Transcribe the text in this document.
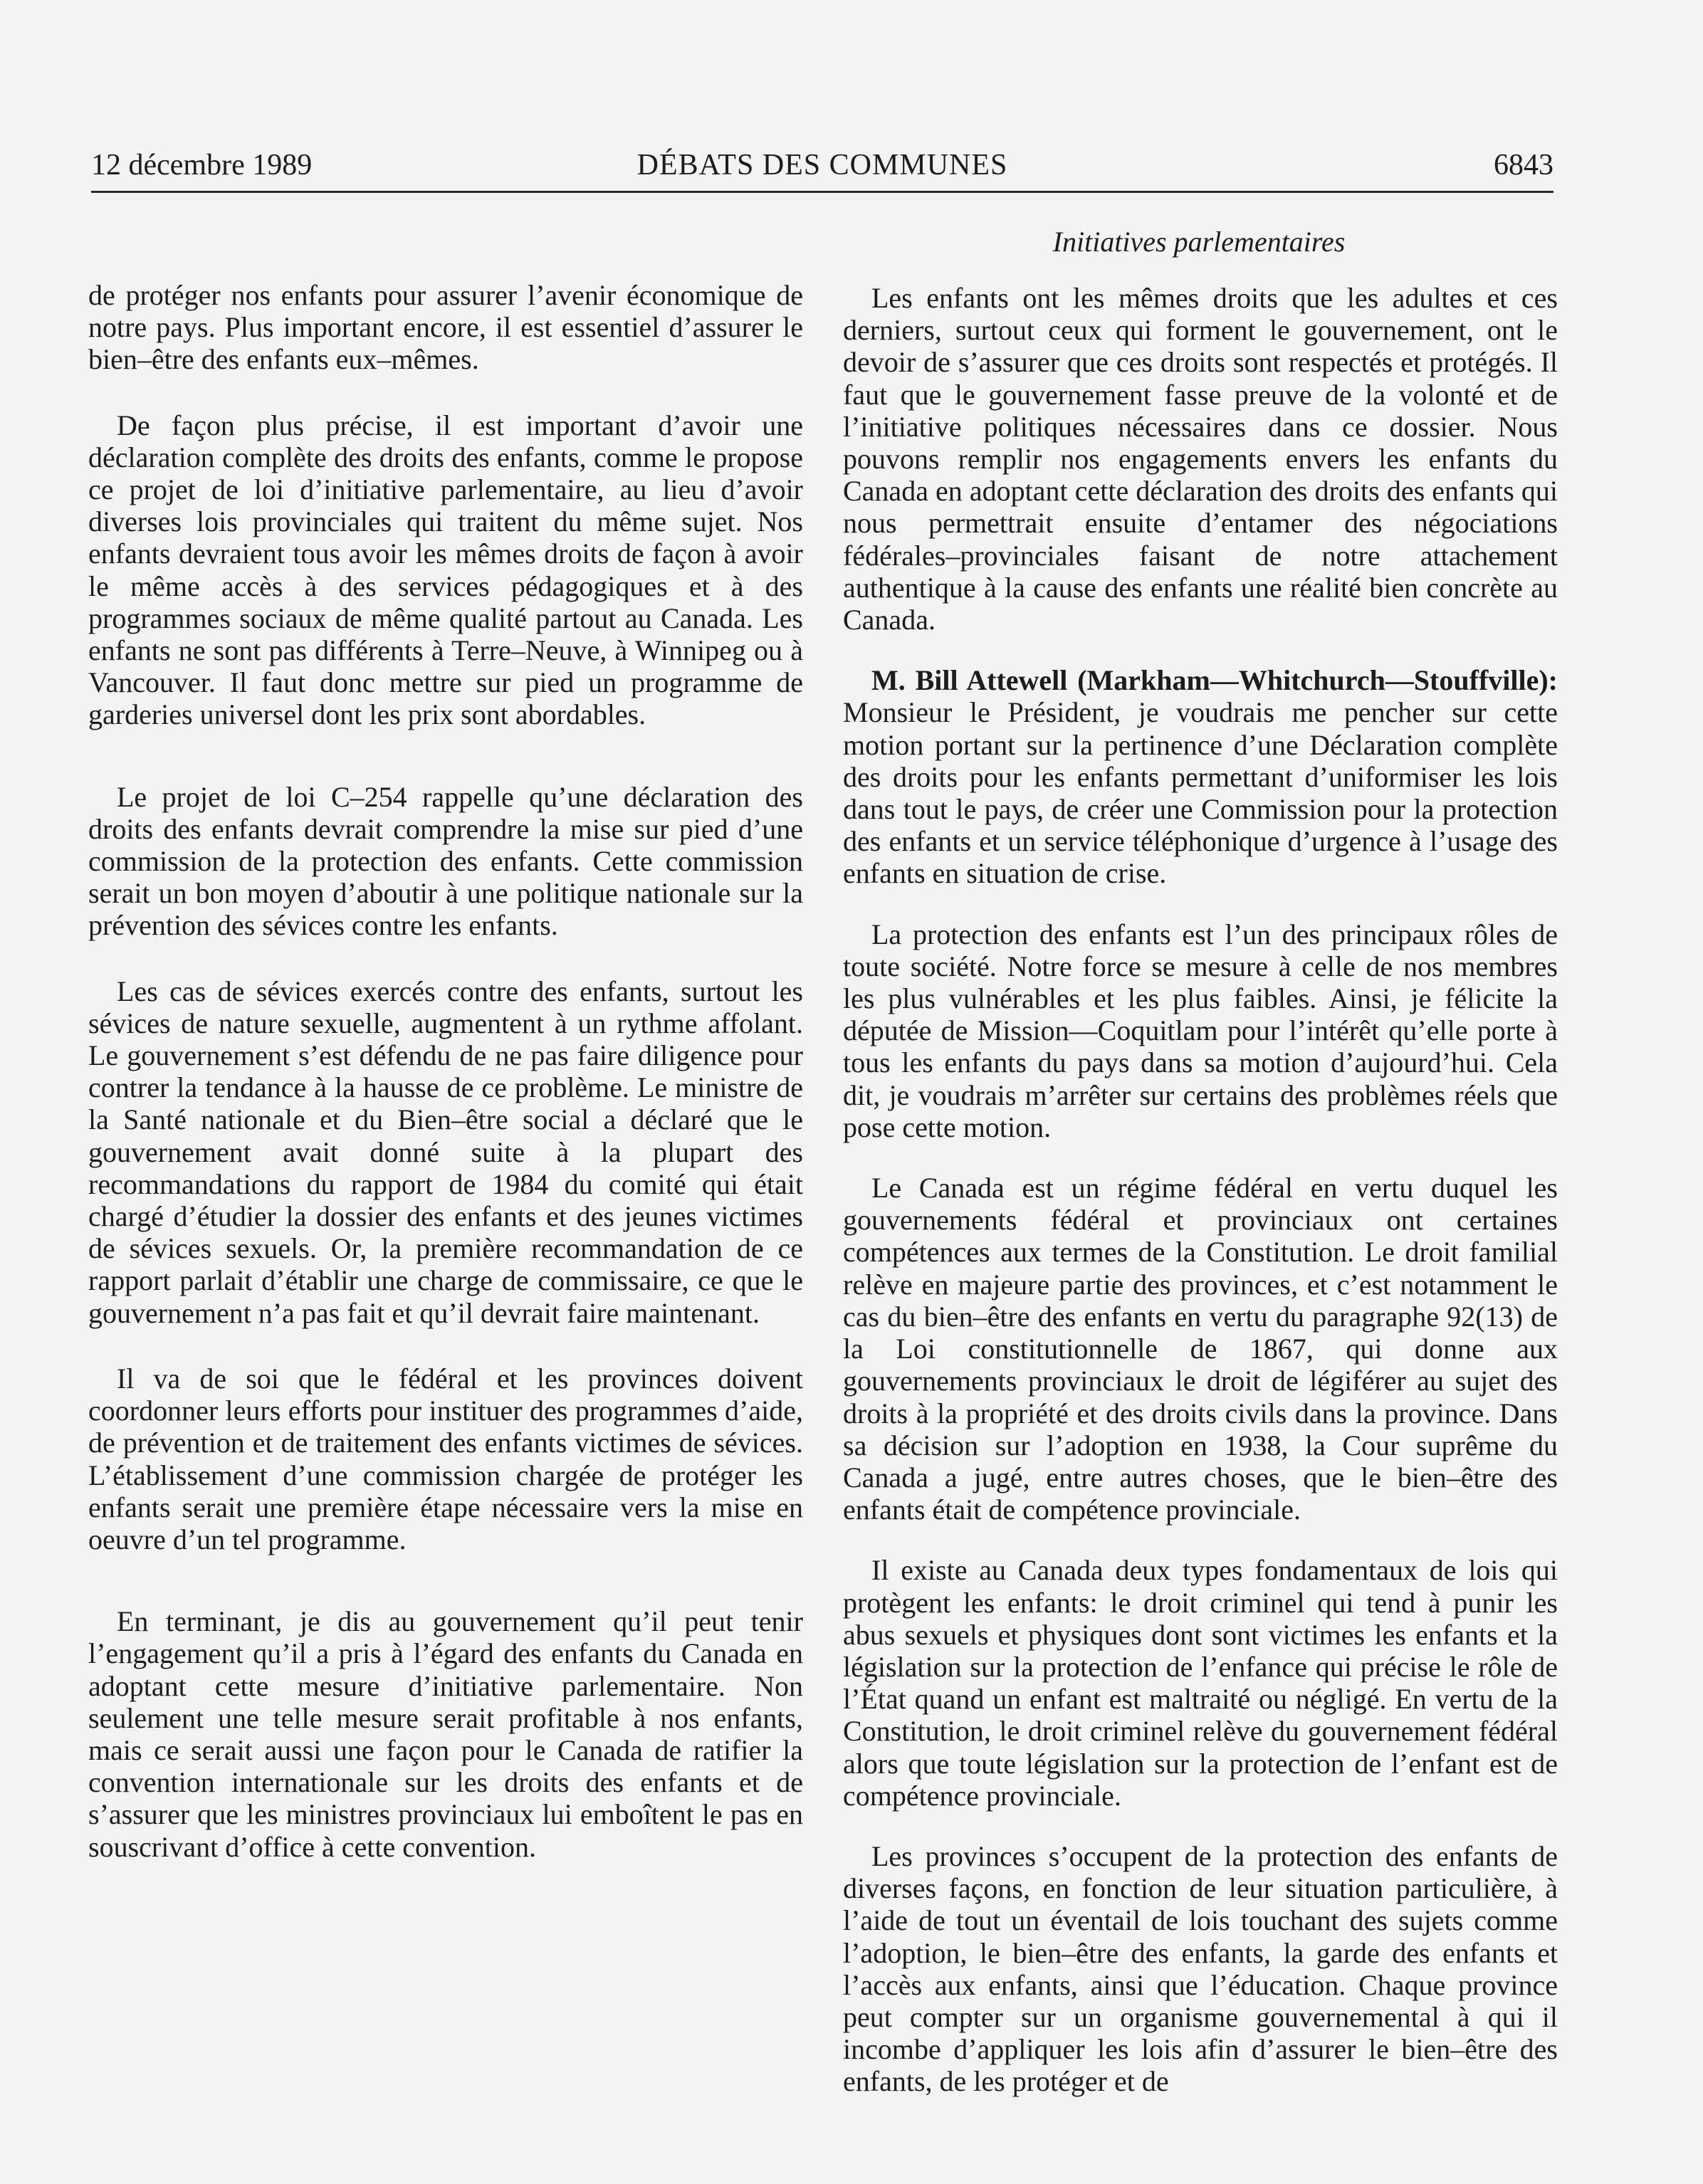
12 décembre 1989	DÉBATS DES COMMUNES	6843
Initiatives parlementaires

de protéger nos enfants pour assurer l’avenir économique de notre pays. Plus important encore, il est essentiel d’assurer le bien–être des enfants eux–mêmes.

De façon plus précise, il est important d’avoir une déclaration complète des droits des enfants, comme le propose ce projet de loi d’initiative parlementaire, au lieu d’avoir diverses lois provinciales qui traitent du même sujet. Nos enfants devraient tous avoir les mêmes droits de façon à avoir le même accès à des services pédagogiques et à des programmes sociaux de même qualité partout au Canada. Les enfants ne sont pas différents à Terre–Neuve, à Winnipeg ou à Vancouver. Il faut donc mettre sur pied un programme de garderies universel dont les prix sont abordables.

Le projet de loi C–254 rappelle qu’une déclaration des droits des enfants devrait comprendre la mise sur pied d’une commission de la protection des enfants. Cette commission serait un bon moyen d’aboutir à une politique nationale sur la prévention des sévices contre les enfants.

Les cas de sévices exercés contre des enfants, surtout les sévices de nature sexuelle, augmentent à un rythme affolant. Le gouvernement s’est défendu de ne pas faire diligence pour contrer la tendance à la hausse de ce problème. Le ministre de la Santé nationale et du Bien–être social a déclaré que le gouvernement avait donné suite à la plupart des recommandations du rapport de 1984 du comité qui était chargé d’étudier la dossier des enfants et des jeunes victimes de sévices sexuels. Or, la première recommandation de ce rapport parlait d’établir une charge de commissaire, ce que le gouvernement n’a pas fait et qu’il devrait faire maintenant.

Il va de soi que le fédéral et les provinces doivent coordonner leurs efforts pour instituer des programmes d’aide, de prévention et de traitement des enfants victimes de sévices. L’établissement d’une commission chargée de protéger les enfants serait une première étape nécessaire vers la mise en oeuvre d’un tel programme.

En terminant, je dis au gouvernement qu’il peut tenir l’engagement qu’il a pris à l’égard des enfants du Canada en adoptant cette mesure d’initiative parlementaire. Non seulement une telle mesure serait profitable à nos enfants, mais ce serait aussi une façon pour le Canada de ratifier la convention internationale sur les droits des enfants et de s’assurer que les ministres provinciaux lui emboîtent le pas en souscrivant d’office à cette convention.

Les enfants ont les mêmes droits que les adultes et ces derniers, surtout ceux qui forment le gouvernement, ont le devoir de s’assurer que ces droits sont respectés et protégés. Il faut que le gouvernement fasse preuve de la volonté et de l’initiative politiques nécessaires dans ce dossier. Nous pouvons remplir nos engagements envers les enfants du Canada en adoptant cette déclaration des droits des enfants qui nous permettrait ensuite d’entamer des négociations fédérales–provinciales faisant de notre attachement authentique à la cause des enfants une réalité bien concrète au Canada.

M. Bill Attewell (Markham—Whitchurch—Stouffville): Monsieur le Président, je voudrais me pencher sur cette motion portant sur la pertinence d’une Déclaration complète des droits pour les enfants permettant d’uniformiser les lois dans tout le pays, de créer une Commission pour la protection des enfants et un service téléphonique d’urgence à l’usage des enfants en situation de crise.

La protection des enfants est l’un des principaux rôles de toute société. Notre force se mesure à celle de nos membres les plus vulnérables et les plus faibles. Ainsi, je félicite la députée de Mission—Coquitlam pour l’intérêt qu’elle porte à tous les enfants du pays dans sa motion d’aujourd’hui. Cela dit, je voudrais m’arrêter sur certains des problèmes réels que pose cette motion.

Le Canada est un régime fédéral en vertu duquel les gouvernements fédéral et provinciaux ont certaines compétences aux termes de la Constitution. Le droit familial relève en majeure partie des provinces, et c’est notamment le cas du bien–être des enfants en vertu du paragraphe 92(13) de la Loi constitutionnelle de 1867, qui donne aux gouvernements provinciaux le droit de légiférer au sujet des droits à la propriété et des droits civils dans la province. Dans sa décision sur l’adoption en 1938, la Cour suprême du Canada a jugé, entre autres choses, que le bien–être des enfants était de compétence provinciale.

Il existe au Canada deux types fondamentaux de lois qui protègent les enfants: le droit criminel qui tend à punir les abus sexuels et physiques dont sont victimes les enfants et la législation sur la protection de l’enfance qui précise le rôle de l’État quand un enfant est maltraité ou négligé. En vertu de la Constitution, le droit criminel relève du gouvernement fédéral alors que toute législation sur la protection de l’enfant est de compétence provinciale.

Les provinces s’occupent de la protection des enfants de diverses façons, en fonction de leur situation particulière, à l’aide de tout un éventail de lois touchant des sujets comme l’adoption, le bien–être des enfants, la garde des enfants et l’accès aux enfants, ainsi que l’éducation. Chaque province peut compter sur un organisme gouvernemental à qui il incombe d’appliquer les lois afin d’assurer le bien–être des enfants, de les protéger et de
